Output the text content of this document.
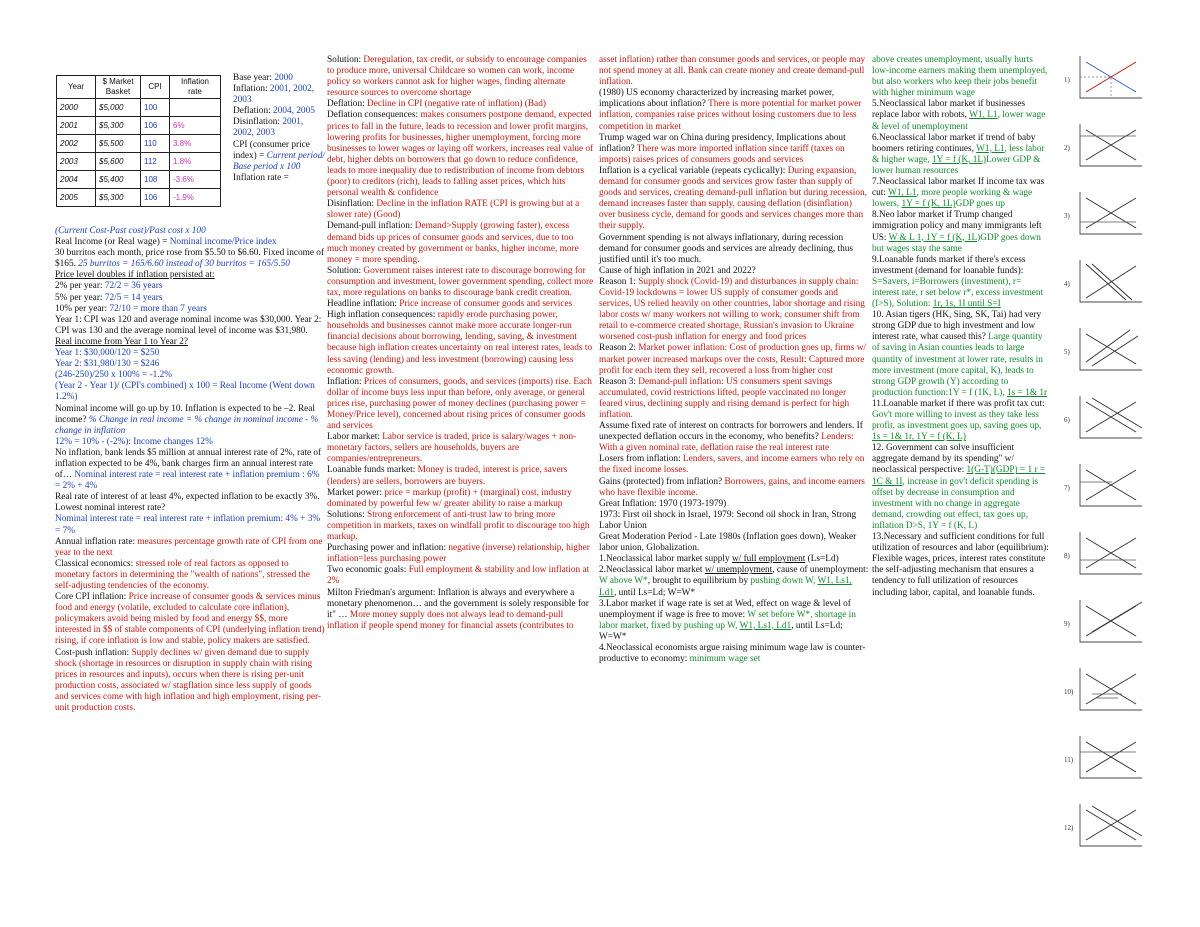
Year	$ Market Basket	CPI	Inflation rate
2000	$5,000	100	
2001	$5,300	106	6%
2002	$5,500	110	3.8%
2003	$5,600	112	1.8%
2004	$5,400	108	-3.6%
2005	$5,300	106	-1.9%

Base year: 2000

Inflation: 2001, 2002, 2003

Deflation: 2004, 2005

Disinflation: 2001, 2002, 2003

CPI (consumer price index) = Current period/ Base period x 100

Inflation rate =

(Current Cost-Past cost)/Past cost x 100

Real Income (or Real wage) = Nominal income/Price index

30 burritos each month, price rose from $5.50 to $6.60. Fixed income of $165. 25 burritos = 165/6.60 instead of 30 burritos = 165/5.50

Price level doubles if inflation persisted at:

2% per year: 72/2 = 36 years

5% per year: 72/5 = 14 years

10% per year: 72/10 = more than 7 years

Year 1: CPI was 120 and average nominal income was $30,000. Year 2: CPI was 130 and the average nominal level of income was $31,980. Real income from Year 1 to Year 2?

Year 1: $30,000/120 = $250

Year 2: $31,980/130 = $246

(246-250)/250 x 100% = -1.2%

(Year 2 - Year 1)/ (CPI's combined) x 100 = Real Income (Went down 1.2%)

Nominal income will go up by 10. Inflation is expected to be –2. Real income? % Change in real income = % change in nominal income - % change in inflation

12% = 10% - (-2%): Income changes 12%

No inflation, bank lends $5 million at annual interest rate of 2%, rate of inflation expected to be 4%, bank charges firm an annual interest rate of… Nominal interest rate = real interest rate + inflation premium : 6% = 2% + 4%

Real rate of interest of at least 4%, expected inflation to be exactly 3%. Lowest nominal interest rate?

Nominal interest rate = real interest rate + inflation premium: 4% + 3% = 7%

Annual inflation rate: measures percentage growth rate of CPI from one year to the next

Classical economics: stressed role of real factors as opposed to monetary factors in determining the "wealth of nations", stressed the self-adjusting tendencies of the economy.

Core CPI inflation: Price increase of consumer goods & services minus food and energy (volatile, excluded to calculate core inflation), policymakers avoid being misled by food and energy $$, more interested in $$ of stable components of CPI (underlying inflation trend) rising, if core inflation is low and stable, policy makers are satisfied.

Cost-push inflation: Supply declines w/ given demand due to supply shock (shortage in resources or disruption in supply chain with rising prices in resources and inputs), occurs when there is rising per-unit production costs, associated w/ stagflation since less supply of goods and services come with high inflation and high employment, rising per-unit production costs.

Solution: Deregulation, tax credit, or subsidy to encourage companies to produce more, universal Childcare so women can work, income policy so workers cannot ask for higher wages, finding alternate resource sources to overcome shortage

Deflation: Decline in CPI (negative rate of inflation) (Bad)

Deflation consequences: makes consumers postpone demand, expected prices to fall in the future, leads to recession and lower profit margins, lowering profits for businesses, higher unemployment, forcing more businesses to lower wages or laying off workers, increases real value of debt, higher debts on borrowers that go down to reduce confidence, leads to more inequality due to redistribution of income from debtors (poor) to creditors (rich), leads to falling asset prices, which hits personal wealth & confidence

Disinflation: Decline in the inflation RATE (CPI is growing but at a slower rate) (Good)

Demand-pull inflation: Demand>Supply (growing faster), excess demand bids up prices of consumer goods and services, due to too much money created by government or banks, higher income, more money = more spending.

Solution: Government raises interest rate to discourage borrowing for consumption and investment, lower government spending, collect more tax, more regulations on banks to discourage bank credit creation.

Headline inflation: Price increase of consumer goods and services

High inflation consequences: rapidly erode purchasing power, households and businesses cannot make more accurate longer-run financial decisions about borrowing, lending, saving, & investment because high inflation creates uncertainty on real interest rates, leads to less saving (lending) and less investment (borrowing) causing less economic growth.

Inflation: Prices of consumers, goods, and services (imports) rise. Each dollar of income buys less input than before, only average, or general prices rise, purchasing power of money declines (purchasing power = Money/Price level), concerned about rising prices of consumer goods and services

Labor market: Labor service is traded, price is salary/wages + non-monetary factors, sellers are households, buyers are companies/entrepreneurs.

Loanable funds market: Money is traded, interest is price, savers (lenders) are sellers, borrowers are buyers.

Market power: price = markup (profit) + (marginal) cost, industry dominated by powerful few w/ greater ability to raise a markup

Solutions: Strong enforcement of anti-trust law to bring more competition in markets, taxes on windfall profit to discourage too high markup.

Purchasing power and inflation: negative (inverse) relationship, higher inflation=less purchasing power

Two economic goals: Full employment & stability and low inflation at 2%

Milton Friedman's argument: Inflation is always and everywhere a monetary phenomenon… and the government is solely responsible for it" … More money supply does not always lead to demand-pull inflation if people spend money for financial assets (contributes to

asset inflation) rather than consumer goods and services, or people may not spend money at all. Bank can create money and create demand-pull inflation.

(1980) US economy characterized by increasing market power, implications about inflation? There is more potential for market power inflation, companies raise prices without losing customers due to less competition in market

Trump waged war on China during presidency, Implications about inflation? There was more imported inflation since tariff (taxes on imports) raises prices of consumers goods and services

Inflation is a cyclical variable (repeats cyclically): During expansion, demand for consumer goods and services grow faster than supply of goods and services, creating demand-pull inflation but during recession, demand increases faster than supply, causing deflation (disinflation) over business cycle, demand for goods and services changes more than their supply.

Government spending is not always inflationary, during recession demand for consumer goods and services are already declining, thus justified until it's too much.

Cause of high inflation in 2021 and 2022?

Reason 1: Supply shock (Covid-19) and disturbances in supply chain: Covid-19 lockdowns = lower US supply of consumer goods and services, US relied heavily on other countries, labor shortage and rising labor costs w/ many workers not willing to work, consumer shift from retail to e-commerce created shortage, Russian's invasion to Ukraine worsened cost-push inflation for energy and food prices

Reason 2: Market power inflation: Cost of production goes up, firms w/ market power increased markups over the costs, Result: Captured more profit for each item they sell, recovered a loss from higher cost

Reason 3: Demand-pull inflation: US consumers spent savings accumulated, covid restrictions lifted, people vaccinated no longer feared virus, declining supply and rising demand is perfect for high inflation.

Assume fixed rate of interest on contracts for borrowers and lenders. If unexpected deflation occurs in the economy, who benefits? Lenders: With a given nominal rate, deflation raise the real interest rate

Losers from inflation: Lenders, savers, and income earners who rely on the fixed income losses.

Gains (protected) from inflation? Borrowers, gains, and income earners who have flexible income.

Great Inflation: 1970 (1973-1979)

1973: First oil shock in Israel, 1979: Second oil shock in Iran, Strong Labor Union

Great Moderation Period - Late 1980s (Inflation goes down), Weaker labor union, Globalization.

1.Neoclassical labor market supply w/ full employment (Ls=Ld)

2.Neoclassical labor market w/ unemployment, cause of unemployment: W above W*, brought to equilibrium by pushing down W, W1, Ls1, Ld1, until Ls=Ld; W=W*

3.Labor market if wage rate is set at Wed, effect on wage & level of unemployment if wage is free to move: W set before W*, shortage in labor market, fixed by pushing up W, W1, Ls1, Ld1, until Ls=Ld; W=W*

4.Neoclassical economists argue raising minimum wage law is counter-productive to economy: minimum wage set

above creates unemployment, usually hurts low-income earners making them unemployed, but also workers who keep their jobs benefit with higher minimum wage

5.Neoclassical labor market if businesses replace labor with robots, W1, L1, lower wage & level of unemployment

6.Neoclassical labor market if trend of baby boomers retiring continues, W1, L1, less labor & higher wage, 1Y = f (K, 1L)Lower GDP & lower human resources

7.Neoclassical labor market If income tax was cut: W1, L1, more people working & wage lowers, 1Y = f (K, 1L)GDP goes up

8.Neo labor market if Trump changed immigration policy and many immigrants left US: W & L 1, 1Y = f (K, 1L)GDP goes down but wages stay the same

9.Loanable funds market if there's excess investment (demand for loanable funds): S=Savers, i=Borrowers (investment), r= interest rate, r set below r*, excess investment (I>S), Solution: 1r, 1s, 1I until S=I

10. Asian tigers (HK, Sing, SK, Tai) had very strong GDP due to high investment and low interest rate, what caused this? Large quantity of saving in Asian counties leads to large quantity of investment at lower rate, results in more investment (more capital, K), leads to strong GDP growth (Y) according to production function:1Y = f (1K, L), 1s = 1& 1r

11.Loanable market if there was profit tax cut: Gov't more willing to invest as they take less profit, as investment goes up, saving goes up, 1s = 1& 1r, 1Y = f (K, L)

12. Government can solve insufficient aggregate demand by its spending" w/ neoclassical perspective: 1(G-T)(GDP) = 1 r = 1C & 1I, increase in gov't deficit spending is offset by decrease in consumption and investment with no change in aggregate demand, crowding out effect, tax goes up, inflation D>S, 1Y = f (K, L)

13.Necessary and sufficient conditions for full utilization of resources and labor (equilibrium): Flexible wages, prices, interest rates constitute the self-adjusting mechanism that ensures a tendency to full utilization of resources including labor, capital, and loanable funds.

1)
2)
3)
4)
5)
6)
7)
8)
9)
10)
11)
12)
